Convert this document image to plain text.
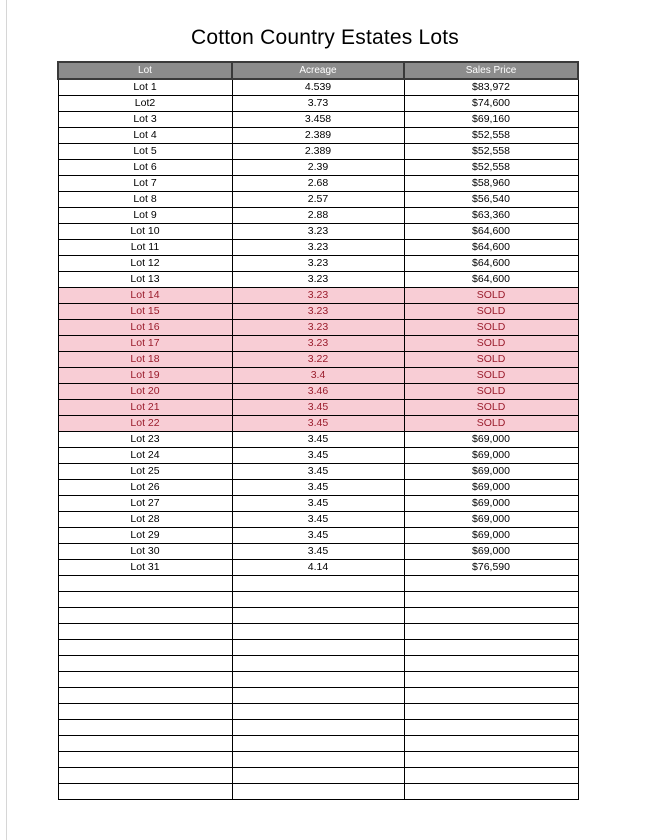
Cotton Country Estates Lots
Lot	Acreage	Sales Price
Lot 1	4.539	$83,972
Lot2	3.73	$74,600
Lot 3	3.458	$69,160
Lot 4	2.389	$52,558
Lot 5	2.389	$52,558
Lot 6	2.39	$52,558
Lot 7	2.68	$58,960
Lot 8	2.57	$56,540
Lot 9	2.88	$63,360
Lot 10	3.23	$64,600
Lot 11	3.23	$64,600
Lot 12	3.23	$64,600
Lot 13	3.23	$64,600
Lot 14	3.23	SOLD
Lot 15	3.23	SOLD
Lot 16	3.23	SOLD
Lot 17	3.23	SOLD
Lot 18	3.22	SOLD
Lot 19	3.4	SOLD
Lot 20	3.46	SOLD
Lot 21	3.45	SOLD
Lot 22	3.45	SOLD
Lot 23	3.45	$69,000
Lot 24	3.45	$69,000
Lot 25	3.45	$69,000
Lot 26	3.45	$69,000
Lot 27	3.45	$69,000
Lot 28	3.45	$69,000
Lot 29	3.45	$69,000
Lot 30	3.45	$69,000
Lot 31	4.14	$76,590
